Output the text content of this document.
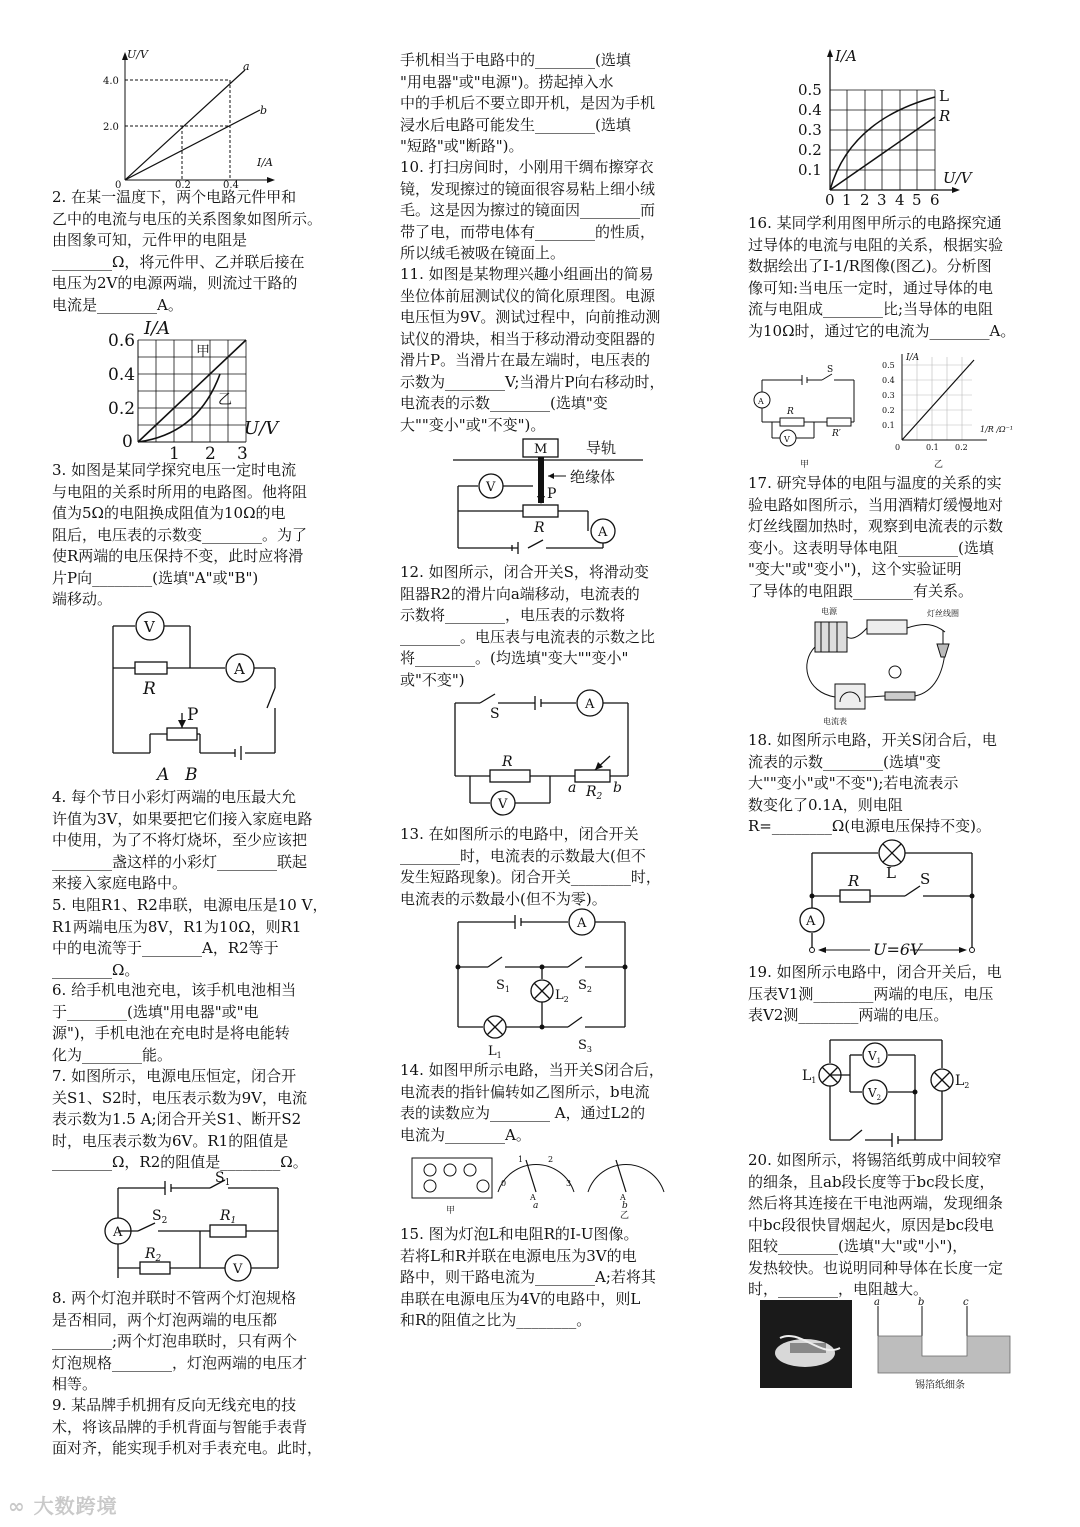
U/V
I/A
4.0
2.0
0	0.2	0.4
a
b

2. 在某一温度下，两个电路元件甲和

乙中的电流与电压的关系图象如图所示。

由图象可知，元件甲的电阻是

________Ω，将元件甲、乙并联后接在

电压为2V的电源两端，则流过干路的

电流是________A。

I/A
U/V
0.6
0.4
0.2
0
1 2 3
甲
乙

3. 如图是某同学探究电压一定时电流

与电阻的关系时所用的电路图。他将阻

值为5Ω的电阻换成阻值为10Ω的电

阻后，电压表的示数变________。为了

使R两端的电压保持不变，此时应将滑

片P向________(选填"A"或"B")

端移动。

R
P
A B
V
A

4. 每个节日小彩灯两端的电压最大允

许值为3V，如果要把它们接入家庭电路

中使用，为了不将灯烧坏，至少应该把

________盏这样的小彩灯________联起

来接入家庭电路中。

5. 电阻R1、R2串联，电源电压是10 V，

R1两端电压为8V，R1为10Ω，则R1

中的电流等于________A，R2等于

________Ω。

6. 给手机电池充电，该手机电池相当

于________(选填"用电器"或"电

源")，手机电池在充电时是将电能转

化为________能。

7. 如图所示，电源电压恒定，闭合开

关S1、S2时，电压表示数为9V，电流

表示数为1.5 A;闭合开关S1、断开S2

时，电压表示数为6V。R1的阻值是

________Ω，R2的阻值是________Ω。

$S_1$
$S_2$	$R_1$
$R_2$
A
V

8. 两个灯泡并联时不管两个灯泡规格

是否相同，两个灯泡两端的电压都

________;两个灯泡串联时，只有两个

灯泡规格________，灯泡两端的电压才

相等。

9. 某品牌手机拥有反向无线充电的技

术，将该品牌的手机背面与智能手表背

面对齐，能实现手机对手表充电。此时，

手机相当于电路中的________(选填

"用电器"或"电源")。捞起掉入水

中的手机后不要立即开机，是因为手机

浸水后电路可能发生________(选填

"短路"或"断路")。

10. 打扫房间时，小刚用干绸布擦穿衣

镜，发现擦过的镜面很容易粘上细小绒

毛。这是因为擦过的镜面因________而

带了电，而带电体有________的性质，

所以绒毛被吸在镜面上。

11. 如图是某物理兴趣小组画出的简易

坐位体前屈测试仪的简化原理图。电源

电压恒为9V。测试过程中，向前推动测

试仪的滑块，相当于移动滑动变阻器的

滑片P。当滑片在最左端时，电压表的

示数为________V;当滑片P向右移动时，

电流表的示数________(选填"变

大""变小"或"不变")。

M	导轨
绝缘体
P
R
V
A

12. 如图所示，闭合开关S，将滑动变

阻器R2的滑片向a端移动，电流表的

示数将________，电压表的示数将

________。电压表与电流表的示数之比

将________。(均选填"变大""变小"

或"不变")

S
R
$R_2$
a	b
A
V

13. 在如图所示的电路中，闭合开关

________时，电流表的示数最大(但不

发生短路现象)。闭合开关________时，

电流表的示数最小(但不为零)。

A
$S_1$	$S_2$
$S_3$
$L_2$
$L_1$

14. 如图甲所示电路，当开关S闭合后，

电流表的指针偏转如乙图所示，b电流

表的读数应为________ A，通过L2的

电流为________A。

甲	乙
a	b
0
1	2
3
A	A

15. 图为灯泡L和电阻R的I-U图像。

若将L和R并联在电源电压为3V的电

路中，则干路电流为________A;若将其

串联在电源电压为4V的电路中，则L

和R的阻值之比为________。

I/A
U/V
0.5
0.4
0.3
0.2
0.1
0 1 2 3 4 5 6
L
R

16. 某同学利用图甲所示的电路探究通

过导体的电流与电阻的关系，根据实验

数据绘出了I-1/R图像(图乙)。分析图

像可知:当电压一定时，通过导体的电

流与电阻成________比;当导体的电阻

为10Ω时，通过它的电流为________A。

S
R
R′
A
V
I/A
0.5
0.4
0.3
0.2
0.1
0	0.1 0.2
1/R /Ω⁻¹
甲	乙

17. 研究导体的电阻与温度的关系的实

验电路如图所示，当用酒精灯缓慢地对

灯丝线圈加热时，观察到电流表的示数

变小。这表明导体电阻________(选填

"变大"或"变小")，这个实验证明

了导体的电阻跟________有关系。

电源	灯丝线圈
电流表

18. 如图所示电路，开关S闭合后，电

流表的示数________(选填"变

大""变小"或"不变");若电流表示

数变化了0.1A，则电阻

R=________Ω(电源电压保持不变)。

L
R	S
A
U=6V

19. 如图所示电路中，闭合开关后，电

压表V1测________两端的电压，电压

表V2测________两端的电压。

$L_1$	$L_2$
$V_1$
$V_2$

20. 如图所示，将锡箔纸剪成中间较窄

的细条，且ab段长度等于bc段长度，

然后将其连接在干电池两端，发现细条

中bc段很快冒烟起火，原因是bc段电

阻较________(选填"大"或"小")，

发热较快。也说明同种导体在长度一定

时，________，电阻越大。

a	b	c
锡箔纸细条
∞ 大数跨境
